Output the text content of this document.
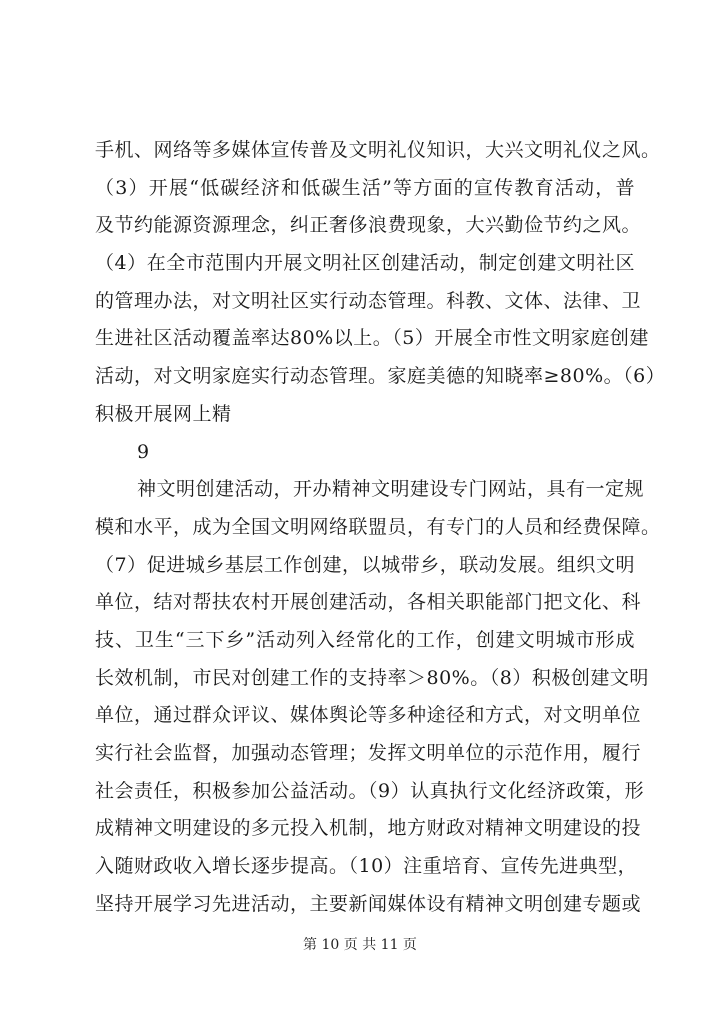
手机、网络等多媒体宣传普及文明礼仪知识，大兴文明礼仪之风。
（3）开展“低碳经济和低碳生活”等方面的宣传教育活动，普
及节约能源资源理念，纠正奢侈浪费现象，大兴勤俭节约之风。
（4）在全市范围内开展文明社区创建活动，制定创建文明社区
的管理办法，对文明社区实行动态管理。科教、文体、法律、卫
生进社区活动覆盖率达80%以上。（5）开展全市性文明家庭创建
活动，对文明家庭实行动态管理。家庭美德的知晓率≥80%。（6）
积极开展网上精
9
神文明创建活动，开办精神文明建设专门网站，具有一定规
模和水平，成为全国文明网络联盟员，有专门的人员和经费保障。
（7）促进城乡基层工作创建，以城带乡，联动发展。组织文明
单位，结对帮扶农村开展创建活动，各相关职能部门把文化、科
技、卫生“三下乡”活动列入经常化的工作，创建文明城市形成
长效机制，市民对创建工作的支持率＞80%。（8）积极创建文明
单位，通过群众评议、媒体舆论等多种途径和方式，对文明单位
实行社会监督，加强动态管理；发挥文明单位的示范作用，履行
社会责任，积极参加公益活动。（9）认真执行文化经济政策，形
成精神文明建设的多元投入机制，地方财政对精神文明建设的投
入随财政收入增长逐步提高。（10）注重培育、宣传先进典型，
坚持开展学习先进活动，主要新闻媒体设有精神文明创建专题或
第 10 页 共 11 页
